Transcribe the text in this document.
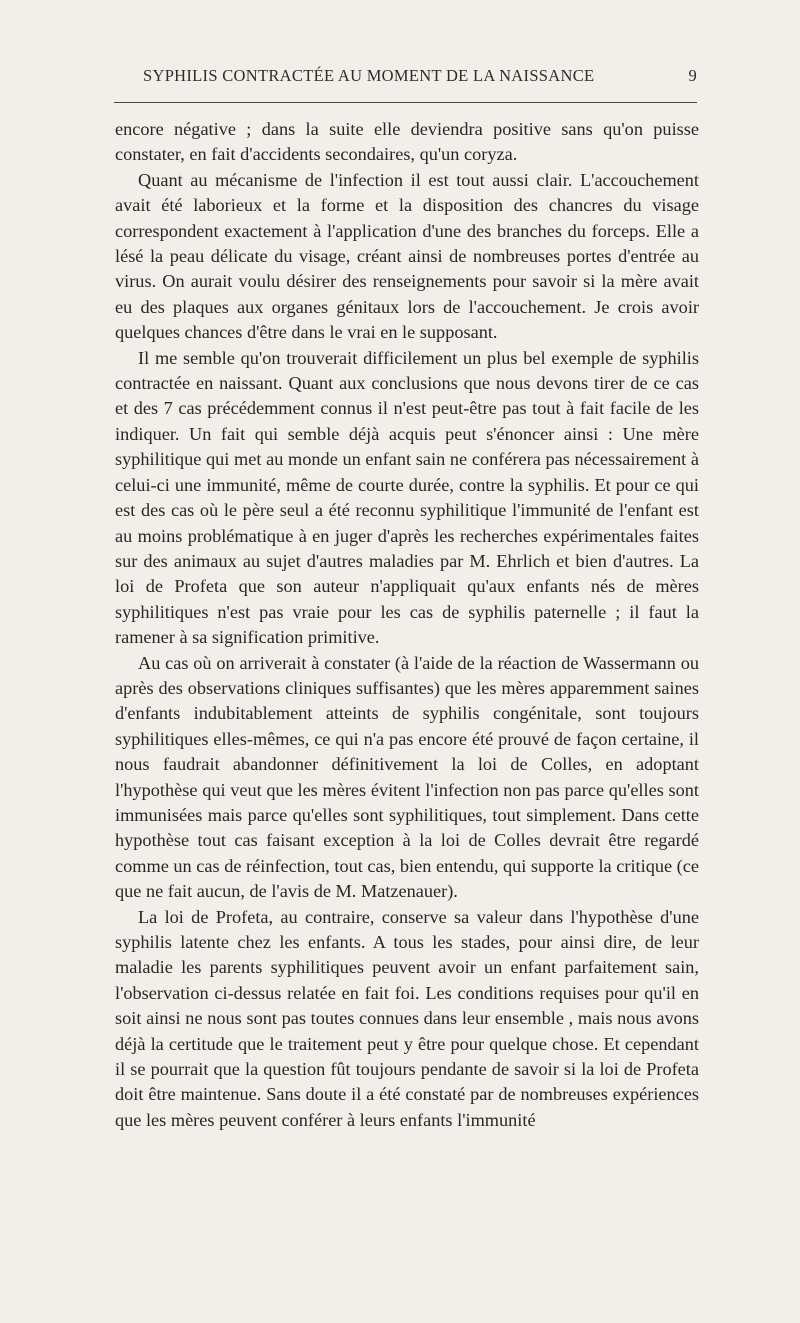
SYPHILIS CONTRACTÉE AU MOMENT DE LA NAISSANCE	9

encore négative ; dans la suite elle deviendra positive sans qu'on puisse constater, en fait d'accidents secondaires, qu'un coryza.

Quant au mécanisme de l'infection il est tout aussi clair. L'accouchement avait été laborieux et la forme et la disposition des chancres du visage correspondent exactement à l'application d'une des branches du forceps. Elle a lésé la peau délicate du visage, créant ainsi de nombreuses portes d'entrée au virus. On aurait voulu désirer des renseignements pour savoir si la mère avait eu des plaques aux organes génitaux lors de l'accouchement. Je crois avoir quelques chances d'être dans le vrai en le supposant.

Il me semble qu'on trouverait difficilement un plus bel exemple de syphilis contractée en naissant. Quant aux conclusions que nous devons tirer de ce cas et des 7 cas précédemment connus il n'est peut-être pas tout à fait facile de les indiquer. Un fait qui semble déjà acquis peut s'énoncer ainsi : Une mère syphilitique qui met au monde un enfant sain ne conférera pas nécessairement à celui-ci une immunité, même de courte durée, contre la syphilis. Et pour ce qui est des cas où le père seul a été reconnu syphilitique l'immunité de l'enfant est au moins problématique à en juger d'après les recherches expérimentales faites sur des animaux au sujet d'autres maladies par M. Ehrlich et bien d'autres. La loi de Profeta que son auteur n'appliquait qu'aux enfants nés de mères syphilitiques n'est pas vraie pour les cas de syphilis paternelle ; il faut la ramener à sa signification primitive.

Au cas où on arriverait à constater (à l'aide de la réaction de Wassermann ou après des observations cliniques suffisantes) que les mères apparemment saines d'enfants indubitablement atteints de syphilis congénitale, sont toujours syphilitiques elles-mêmes, ce qui n'a pas encore été prouvé de façon certaine, il nous faudrait abandonner définitivement la loi de Colles, en adoptant l'hypothèse qui veut que les mères évitent l'infection non pas parce qu'elles sont immunisées mais parce qu'elles sont syphilitiques, tout simplement. Dans cette hypothèse tout cas faisant exception à la loi de Colles devrait être regardé comme un cas de réinfection, tout cas, bien entendu, qui supporte la critique (ce que ne fait aucun, de l'avis de M. Matzenauer).

La loi de Profeta, au contraire, conserve sa valeur dans l'hypothèse d'une syphilis latente chez les enfants. A tous les stades, pour ainsi dire, de leur maladie les parents syphilitiques peuvent avoir un enfant parfaitement sain, l'observation ci-dessus relatée en fait foi. Les conditions requises pour qu'il en soit ainsi ne nous sont pas toutes connues dans leur ensemble , mais nous avons déjà la certitude que le traitement peut y être pour quelque chose. Et cependant il se pourrait que la question fût toujours pendante de savoir si la loi de Profeta doit être maintenue. Sans doute il a été constaté par de nombreuses expériences que les mères peuvent conférer à leurs enfants l'immunité
